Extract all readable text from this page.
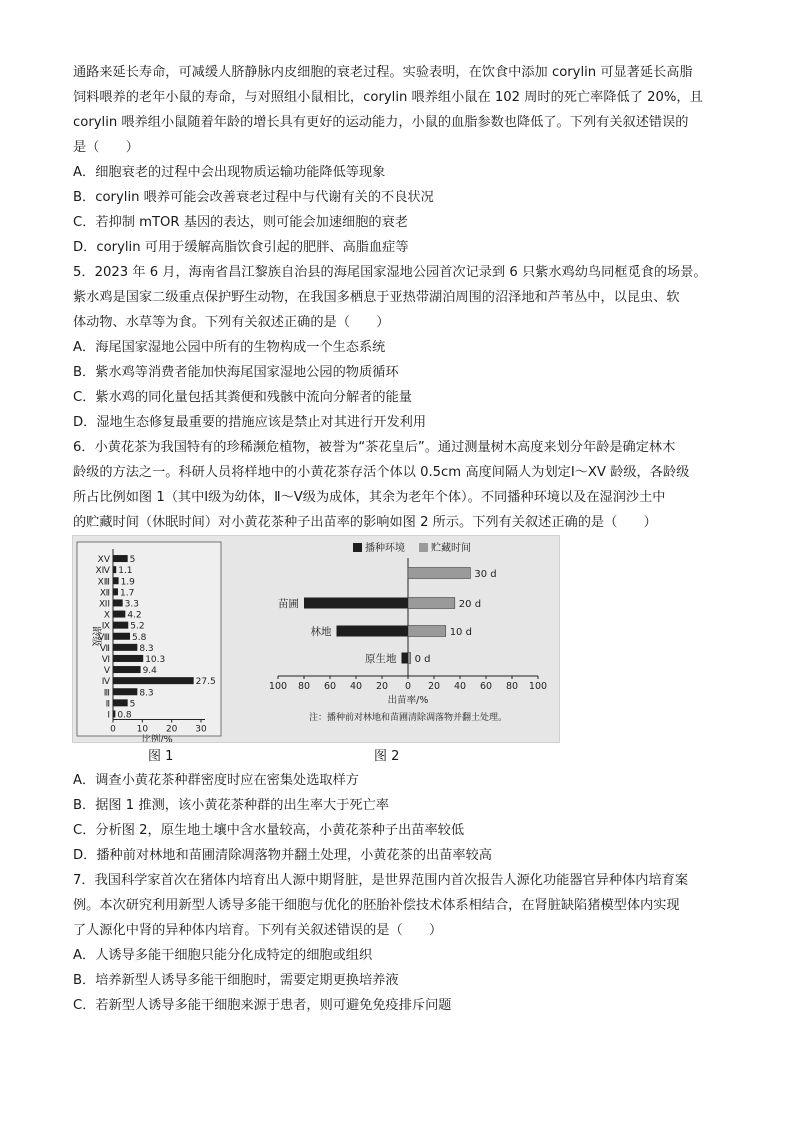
通路来延长寿命，可减缓人脐静脉内皮细胞的衰老过程。实验表明，在饮食中添加 corylin 可显著延长高脂
饲料喂养的老年小鼠的寿命，与对照组小鼠相比，corylin 喂养组小鼠在 102 周时的死亡率降低了 20%，且
corylin 喂养组小鼠随着年龄的增长具有更好的运动能力，小鼠的血脂参数也降低了。下列有关叙述错误的
是（　　）
A．细胞衰老的过程中会出现物质运输功能降低等现象
B．corylin 喂养可能会改善衰老过程中与代谢有关的不良状况
C．若抑制 mTOR 基因的表达，则可能会加速细胞的衰老
D．corylin 可用于缓解高脂饮食引起的肥胖、高脂血症等
5．2023 年 6 月，海南省昌江黎族自治县的海尾国家湿地公园首次记录到 6 只紫水鸡幼鸟同框觅食的场景。
紫水鸡是国家二级重点保护野生动物，在我国多栖息于亚热带湖泊周围的沼泽地和芦苇丛中，以昆虫、软
体动物、水草等为食。下列有关叙述正确的是（　　）
A．海尾国家湿地公园中所有的生物构成一个生态系统
B．紫水鸡等消费者能加快海尾国家湿地公园的物质循环
C．紫水鸡的同化量包括其粪便和残骸中流向分解者的能量
D．湿地生态修复最重要的措施应该是禁止对其进行开发利用
6．小黄花茶为我国特有的珍稀濒危植物，被誉为“茶花皇后”。通过测量树木高度来划分年龄是确定林木
龄级的方法之一。科研人员将样地中的小黄花茶存活个体以 0.5cm 高度间隔人为划定Ⅰ～XV 龄级，各龄级
所占比例如图 1（其中Ⅰ级为幼体，Ⅱ～Ⅴ级为成体，其余为老年个体）。不同播种环境以及在湿润沙土中
的贮藏时间（休眠时间）对小黄花茶种子出苗率的影响如图 2 所示。下列有关叙述正确的是（　　）
Ⅰ 0.8
Ⅱ 5
Ⅲ	8.3
Ⅳ	27.5
Ⅴ	9.4
Ⅵ	10.3
Ⅶ	8.3
Ⅷ 5.8
Ⅸ 5.2
Ⅹ 4.2
ⅪI 3.3
Ⅻ 1.7
ⅩⅢ 1.9
ⅩⅣ 1.1
ⅩⅤ 5
0 10 20 30
比例/%
龄级
播种环境	贮藏时间
100 80 60 40 20 0 20 40 60 80 100
出苗率/%
30 d
20 d
10 d
0 d
苗圃
林地
原生地
注：播种前对林地和苗圃清除凋落物并翻土处理。
图 1	图 2
A．调查小黄花茶种群密度时应在密集处选取样方
B．据图 1 推测，该小黄花茶种群的出生率大于死亡率
C．分析图 2，原生地土壤中含水量较高，小黄花茶种子出苗率较低
D．播种前对林地和苗圃清除凋落物并翻土处理，小黄花茶的出苗率较高
7．我国科学家首次在猪体内培育出人源中期肾脏，是世界范围内首次报告人源化功能器官异种体内培育案
例。本次研究利用新型人诱导多能干细胞与优化的胚胎补偿技术体系相结合，在肾脏缺陷猪模型体内实现
了人源化中肾的异种体内培育。下列有关叙述错误的是（　　）
A．人诱导多能干细胞只能分化成特定的细胞或组织
B．培养新型人诱导多能干细胞时，需要定期更换培养液
C．若新型人诱导多能干细胞来源于患者，则可避免免疫排斥问题
